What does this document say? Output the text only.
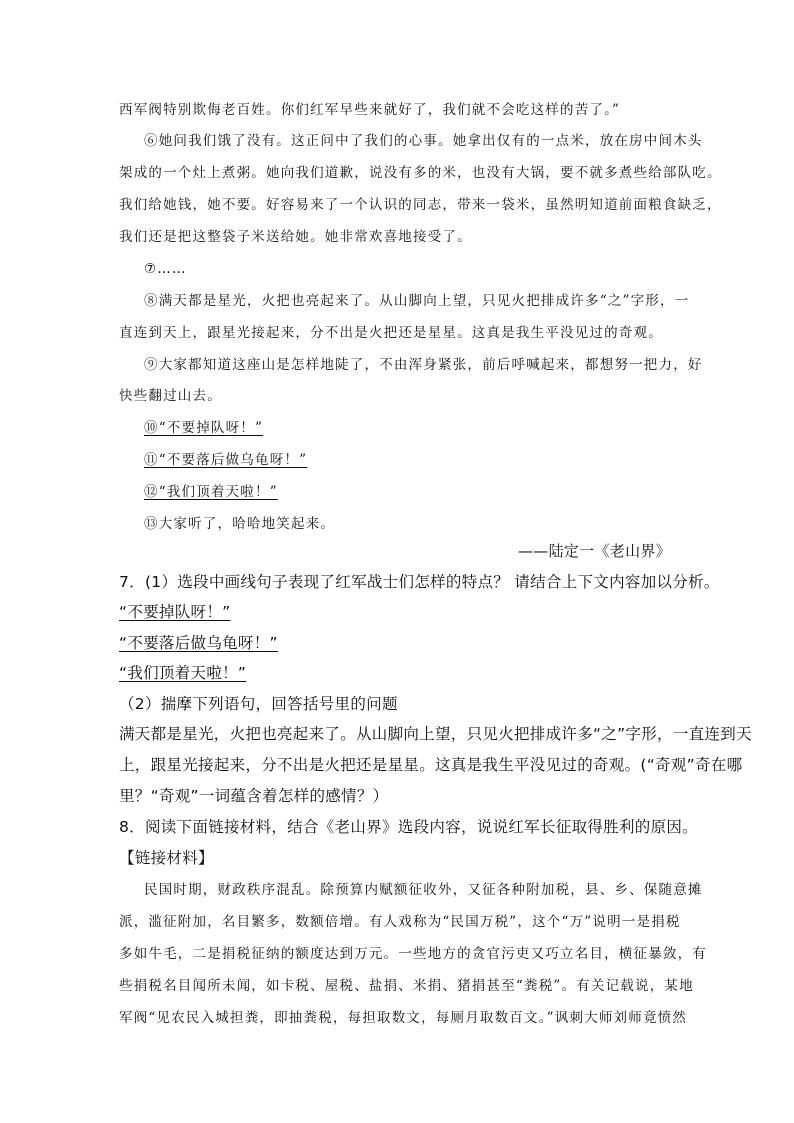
西军阀特别欺侮老百姓。你们红军早些来就好了，我们就不会吃这样的苦了。”
⑥她问我们饿了没有。这正问中了我们的心事。她拿出仅有的一点米，放在房中间木头
架成的一个灶上煮粥。她向我们道歉，说没有多的米，也没有大锅，要不就多煮些给部队吃。
我们给她钱，她不要。好容易来了一个认识的同志，带来一袋米，虽然明知道前面粮食缺乏，
我们还是把这整袋子米送给她。她非常欢喜地接受了。
⑦……
⑧满天都是星光，火把也亮起来了。从山脚向上望，只见火把排成许多“之”字形，一
直连到天上，跟星光接起来，分不出是火把还是星星。这真是我生平没见过的奇观。
⑨大家都知道这座山是怎样地陡了，不由浑身紧张，前后呼喊起来，都想努一把力，好
快些翻过山去。
⑩“不要掉队呀！”
⑪“不要落后做乌龟呀！”
⑫“我们顶着天啦！”
⑬大家听了，哈哈地笑起来。
——陆定一《老山界》
7．(1）选段中画线句子表现了红军战士们怎样的特点？ 请结合上下文内容加以分析。
“不要掉队呀！”
“不要落后做乌龟呀！”
“我们顶着天啦！”
（2）揣摩下列语句，回答括号里的问题
满天都是星光，火把也亮起来了。从山脚向上望，只见火把排成许多“之”字形，一直连到天
上，跟星光接起来，分不出是火把还是星星。这真是我生平没见过的奇观。(“奇观”奇在哪
里？“奇观”一词蕴含着怎样的感情？）
8．阅读下面链接材料，结合《老山界》选段内容，说说红军长征取得胜利的原因。
【链接材料】
民国时期，财政秩序混乱。除预算内赋额征收外，又征各种附加税，县、乡、保随意摊
派，滥征附加，名目繁多，数额倍增。有人戏称为“民国万税”，这个“万”说明一是捐税
多如牛毛，二是捐税征纳的额度达到万元。一些地方的贪官污吏又巧立名目，横征暴敛，有
些捐税名目闻所未闻，如卡税、屋税、盐捐、米捐、猪捐甚至“粪税”。有关记载说，某地
军阀“见农民入城担粪，即抽粪税，每担取数文，每厕月取数百文。”讽刺大师刘师竟愤然
